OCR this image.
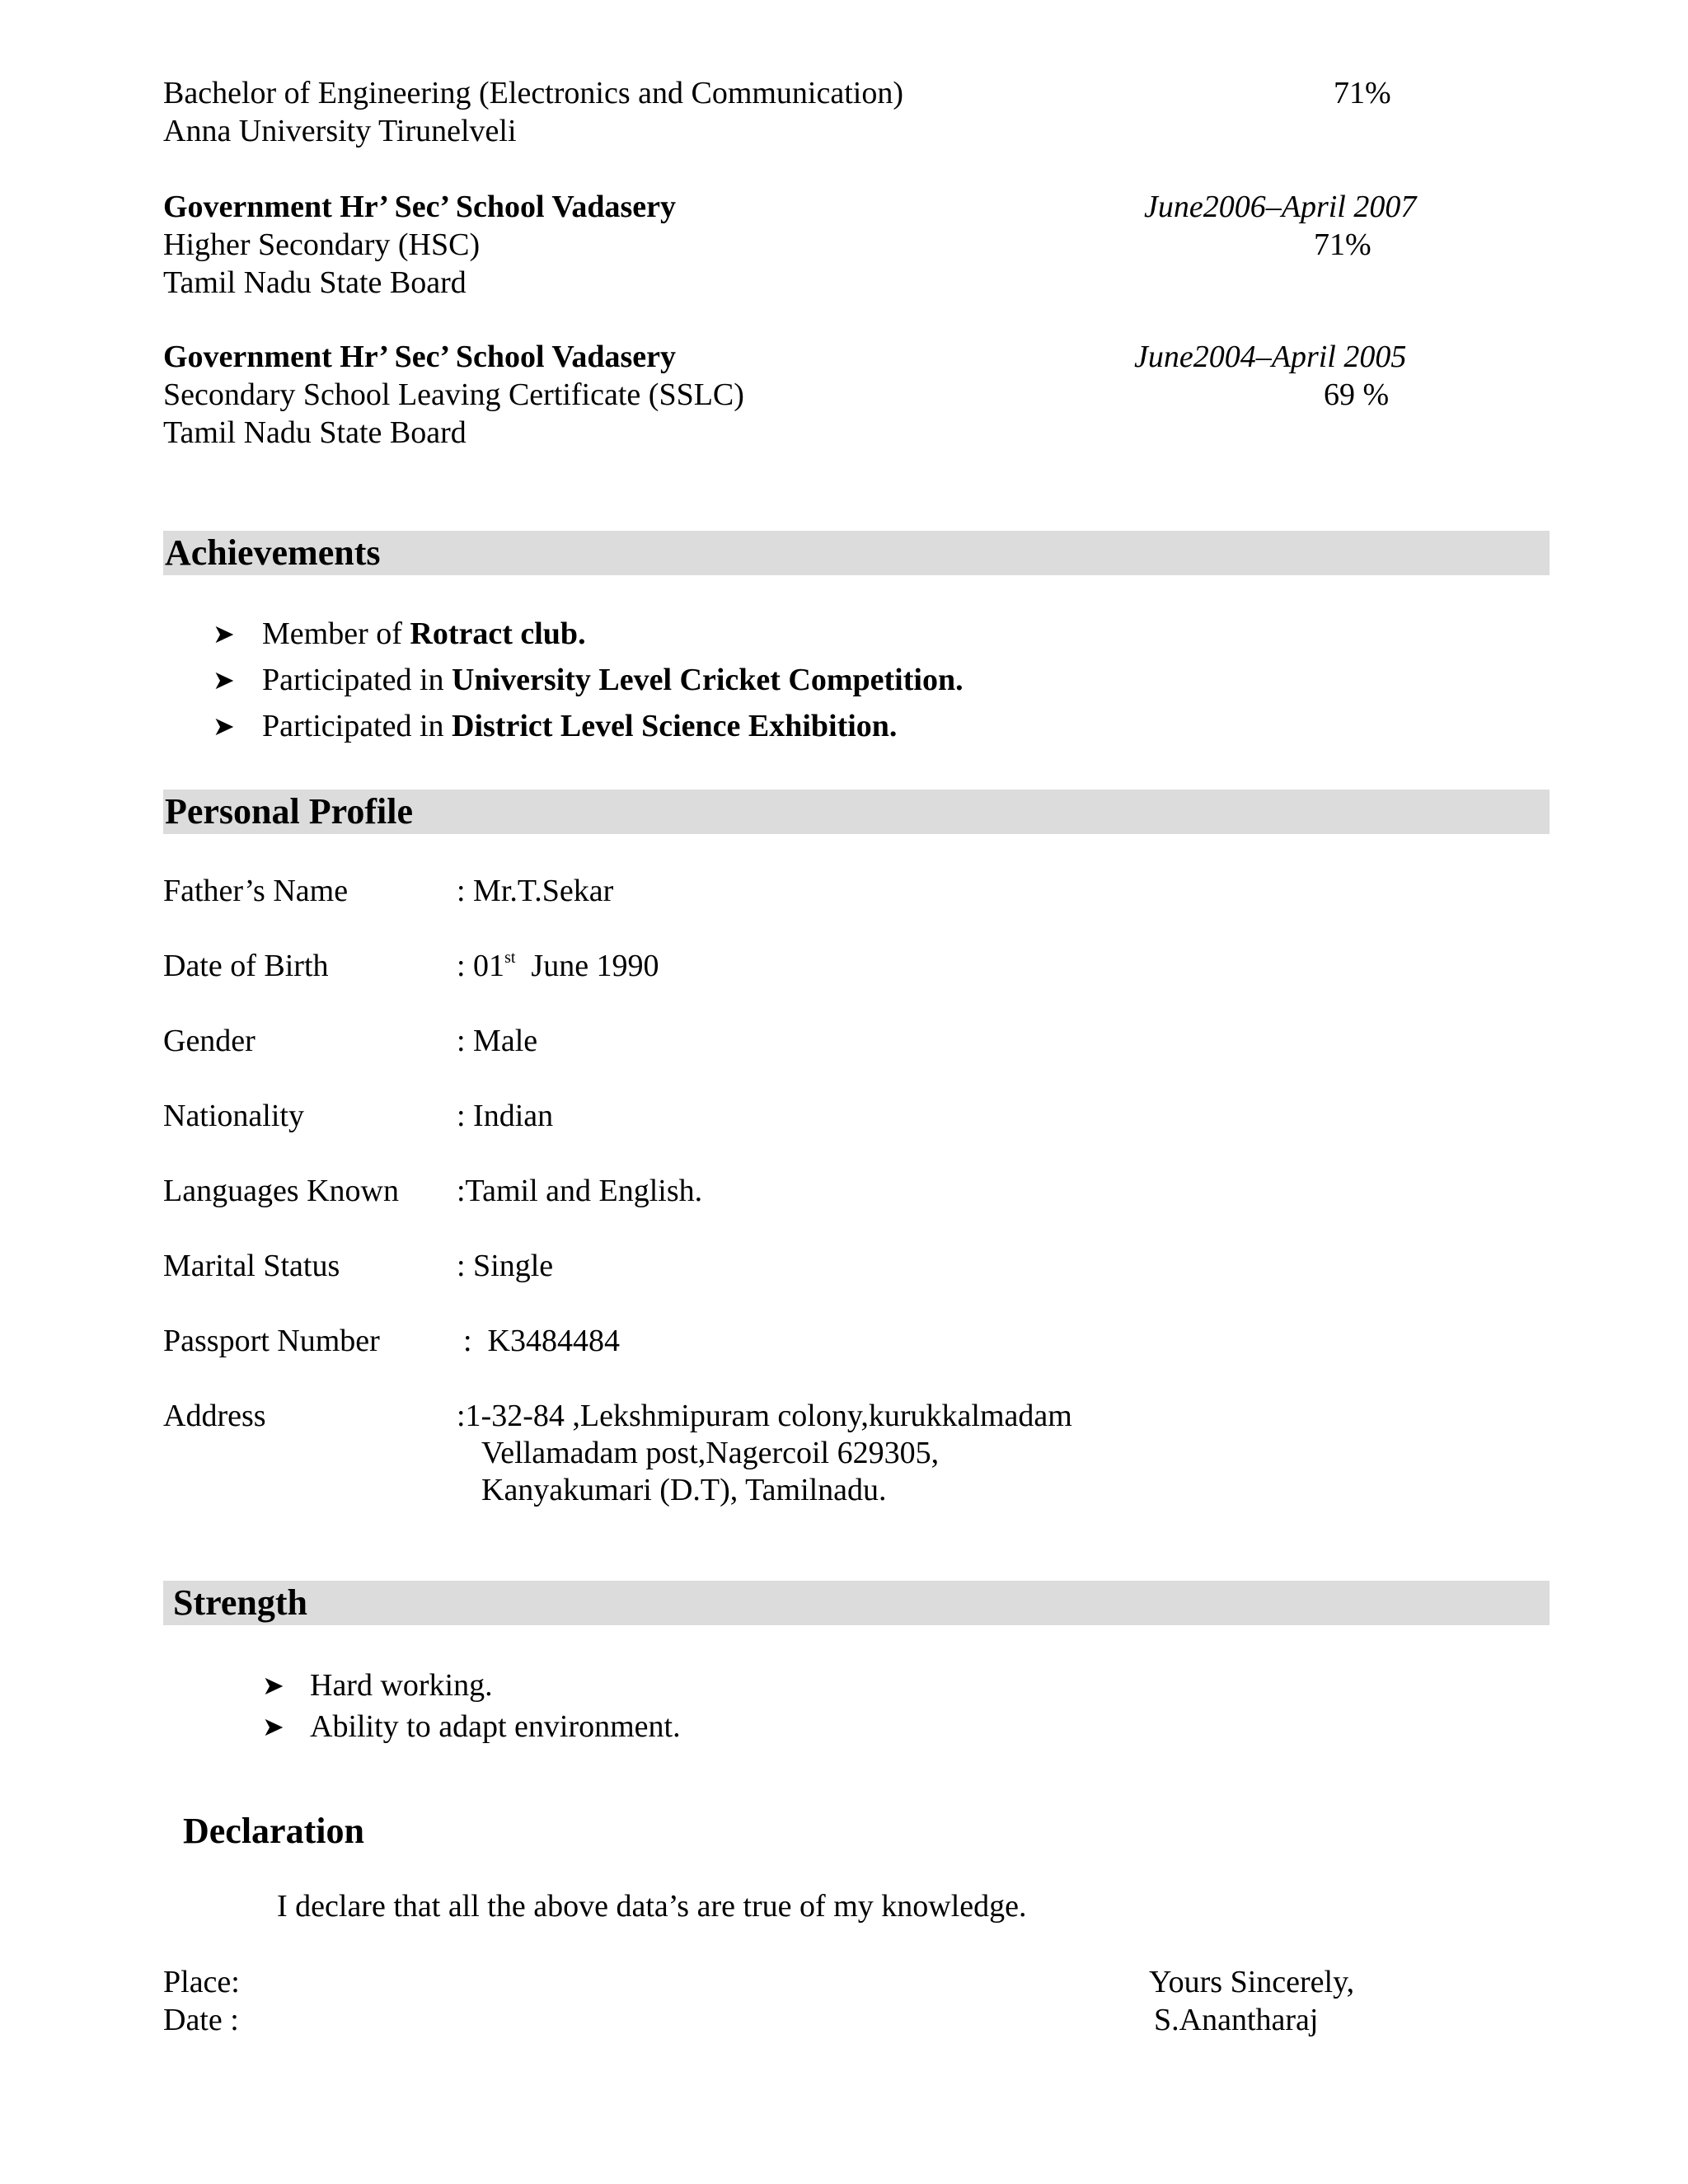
Bachelor of Engineering (Electronics and Communication)	71%
Anna University Tirunelveli
Government Hr’ Sec’ School Vadasery	June2006–April 2007
Higher Secondary (HSC)	71%
Tamil Nadu State Board
Government Hr’ Sec’ School Vadasery	June2004–April 2005
Secondary School Leaving Certificate (SSLC)	69 %
Tamil Nadu State Board
Achievements
➤ Member of Rotract club.
➤ Participated in University Level Cricket Competition.
➤ Participated in District Level Science Exhibition.
Personal Profile
Father’s Name	: Mr.T.Sekar
Date of Birth	: 01st  June 1990
Gender	: Male
Nationality	: Indian
Languages Known :Tamil and English.
Marital Status	: Single
Passport Number	:  K3484484
Address	:1-32-84 ,Lekshmipuram colony,kurukkalmadam
Vellamadam post,Nagercoil 629305,
Kanyakumari (D.T), Tamilnadu.
Strength
➤ Hard working.
➤ Ability to adapt environment.
Declaration
I declare that all the above data’s are true of my knowledge.
Place:
Date :
Yours Sincerely,
S.Anantharaj
